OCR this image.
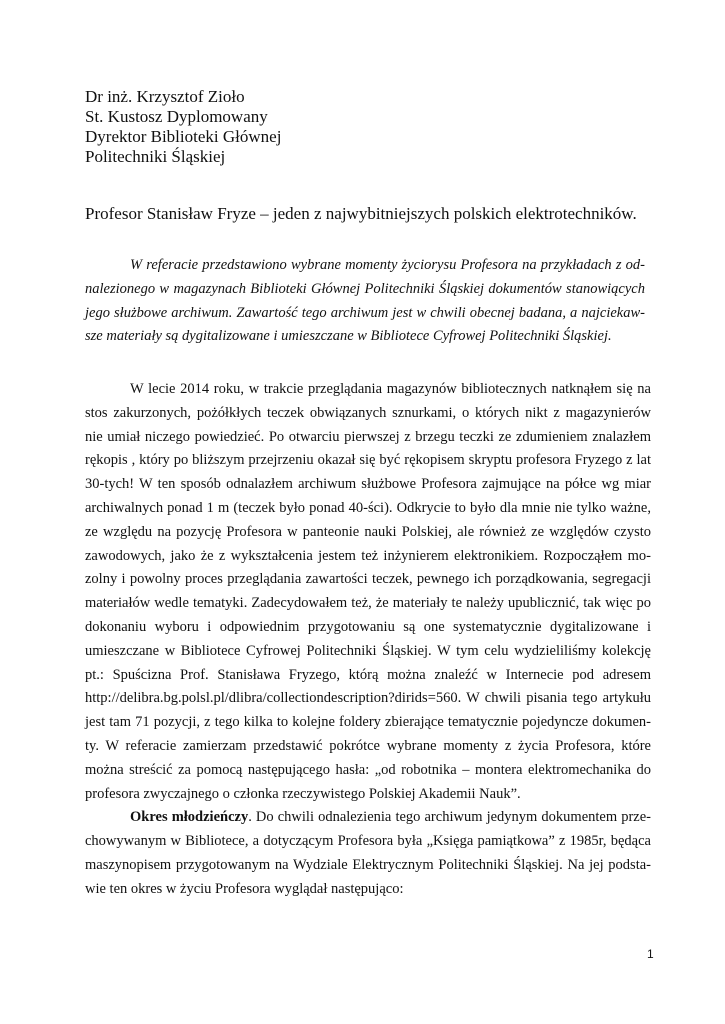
Dr inż. Krzysztof Zioło
St. Kustosz Dyplomowany
Dyrektor Biblioteki Głównej
Politechniki Śląskiej
Profesor Stanisław Fryze – jeden z najwybitniejszych polskich elektrotechników.
W referacie przedstawiono wybrane momenty życiorysu Profesora na przykładach z od-
nalezionego w magazynach Biblioteki Głównej Politechniki Śląskiej dokumentów stanowiących
jego służbowe archiwum. Zawartość tego archiwum jest w chwili obecnej badana, a najciekaw-
sze materiały są dygitalizowane i umieszczane w Bibliotece Cyfrowej Politechniki Śląskiej.
W lecie 2014 roku, w trakcie przeglądania magazynów bibliotecznych natknąłem się na
stos zakurzonych, pożółkłych teczek obwiązanych sznurkami, o których nikt z magazynierów
nie umiał niczego powiedzieć. Po otwarciu pierwszej z brzegu teczki ze zdumieniem znalazłem
rękopis , który po bliższym przejrzeniu okazał się być rękopisem skryptu profesora Fryzego z lat
30-tych! W ten sposób odnalazłem archiwum służbowe Profesora zajmujące na półce wg miar
archiwalnych ponad 1 m (teczek było ponad 40-ści). Odkrycie to było dla mnie nie tylko ważne,
ze względu na pozycję Profesora w panteonie nauki Polskiej, ale również ze względów czysto
zawodowych, jako że z wykształcenia jestem też inżynierem elektronikiem. Rozpocząłem mo-
zolny i powolny proces przeglądania zawartości teczek, pewnego ich porządkowania, segregacji
materiałów wedle tematyki. Zadecydowałem też, że materiały te należy upublicznić, tak więc po
dokonaniu wyboru i odpowiednim przygotowaniu są one systematycznie dygitalizowane i
umieszczane w Bibliotece Cyfrowej Politechniki Śląskiej. W tym celu wydzieliliśmy kolekcję
pt.: Spuścizna Prof. Stanisława Fryzego, którą można znaleźć w Internecie pod adresem
http://delibra.bg.polsl.pl/dlibra/collectiondescription?dirids=560. W chwili pisania tego artykułu
jest tam 71 pozycji, z tego kilka to kolejne foldery zbierające tematycznie pojedyncze dokumen-
ty. W referacie zamierzam przedstawić pokrótce wybrane momenty z życia Profesora, które
można streścić za pomocą następującego hasła: „od robotnika – montera elektromechanika do
profesora zwyczajnego o członka rzeczywistego Polskiej Akademii Nauk”.
Okres młodzieńczy. Do chwili odnalezienia tego archiwum jedynym dokumentem prze-
chowywanym w Bibliotece, a dotyczącym Profesora była „Księga pamiątkowa” z 1985r, będąca
maszynopisem przygotowanym na Wydziale Elektrycznym Politechniki Śląskiej. Na jej podsta-
wie ten okres w życiu Profesora wyglądał następująco:
1
